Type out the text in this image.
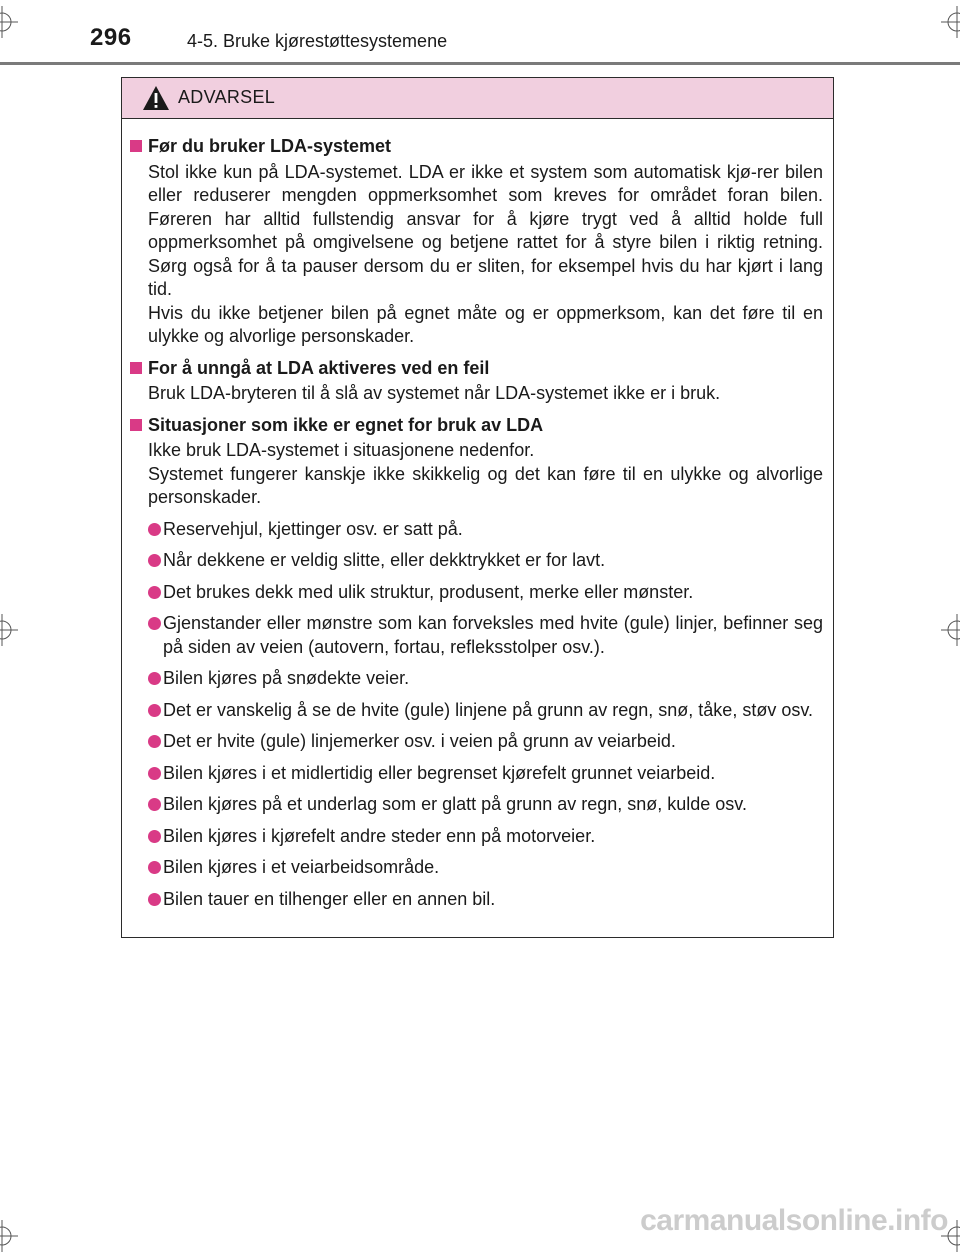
296	4-5. Bruke kjørestøttesystemene
ADVARSEL
Før du bruker LDA-systemet
Stol ikke kun på LDA-systemet. LDA er ikke et system som automatisk kjø-rer bilen eller reduserer mengden oppmerksomhet som kreves for området foran bilen. Føreren har alltid fullstendig ansvar for å kjøre trygt ved å alltid holde full oppmerksomhet på omgivelsene og betjene rattet for å styre bilen i riktig retning. Sørg også for å ta pauser dersom du er sliten, for eksempel hvis du har kjørt i lang tid.
Hvis du ikke betjener bilen på egnet måte og er oppmerksom, kan det føre til en ulykke og alvorlige personskader.
For å unngå at LDA aktiveres ved en feil
Bruk LDA-bryteren til å slå av systemet når LDA-systemet ikke er i bruk.
Situasjoner som ikke er egnet for bruk av LDA
Ikke bruk LDA-systemet i situasjonene nedenfor.
Systemet fungerer kanskje ikke skikkelig og det kan føre til en ulykke og alvorlige personskader.
Reservehjul, kjettinger osv. er satt på.
Når dekkene er veldig slitte, eller dekktrykket er for lavt.
Det brukes dekk med ulik struktur, produsent, merke eller mønster.
Gjenstander eller mønstre som kan forveksles med hvite (gule) linjer, befinner seg på siden av veien (autovern, fortau, refleksstolper osv.).
Bilen kjøres på snødekte veier.
Det er vanskelig å se de hvite (gule) linjene på grunn av regn, snø, tåke, støv osv.
Det er hvite (gule) linjemerker osv. i veien på grunn av veiarbeid.
Bilen kjøres i et midlertidig eller begrenset kjørefelt grunnet veiarbeid.
Bilen kjøres på et underlag som er glatt på grunn av regn, snø, kulde osv.
Bilen kjøres i kjørefelt andre steder enn på motorveier.
Bilen kjøres i et veiarbeidsområde.
Bilen tauer en tilhenger eller en annen bil.
carmanualsonline.info
